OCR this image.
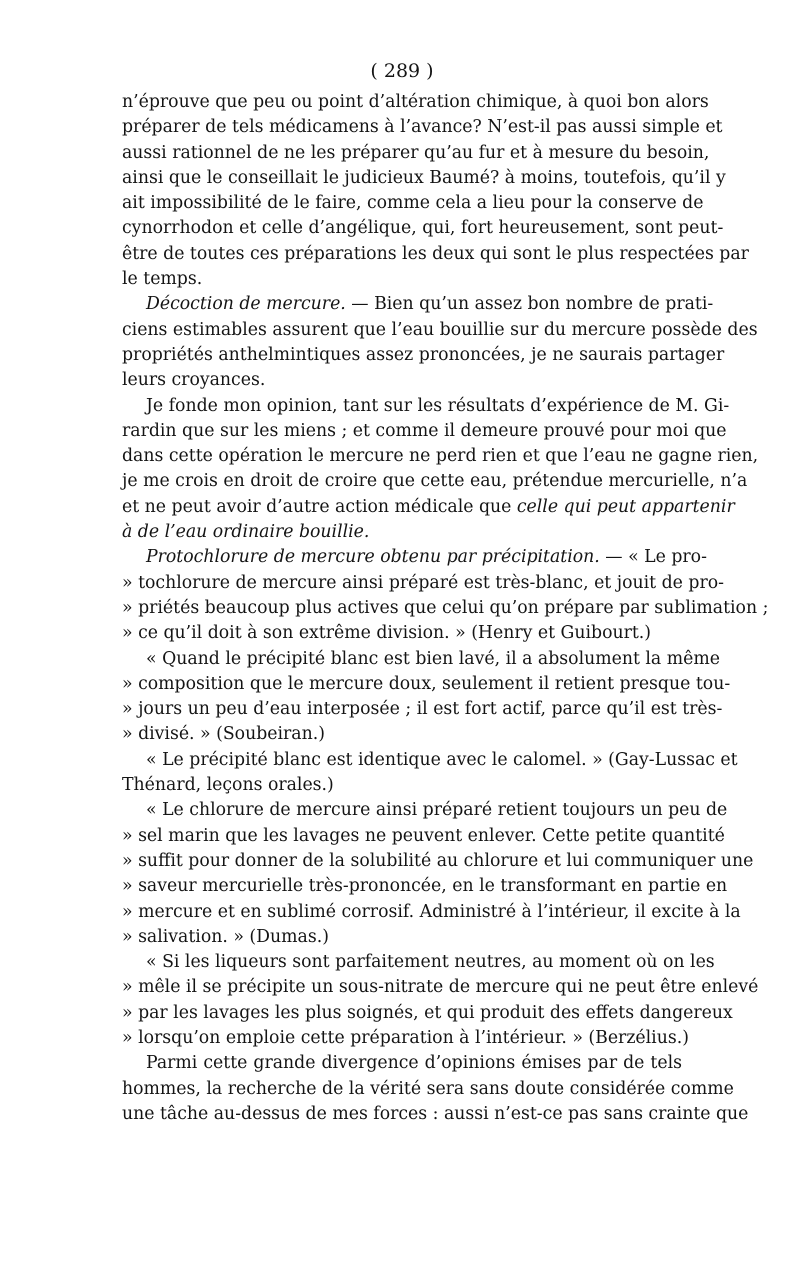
( 289 )

n’éprouve que peu ou point d’altération chimique, à quoi bon alors
préparer de tels médicamens à l’avance? N’est-il pas aussi simple et
aussi rationnel de ne les préparer qu’au fur et à mesure du besoin,
ainsi que le conseillait le judicieux Baumé? à moins, toutefois, qu’il y
ait impossibilité de le faire, comme cela a lieu pour la conserve de
cynorrhodon et celle d’angélique, qui, fort heureusement, sont peut-
être de toutes ces préparations les deux qui sont le plus respectées par
le temps.

Décoction de mercure. — Bien qu’un assez bon nombre de prati-
ciens estimables assurent que l’eau bouillie sur du mercure possède des
propriétés anthelmintiques assez prononcées, je ne saurais partager
leurs croyances.

Je fonde mon opinion, tant sur les résultats d’expérience de M. Gi-
rardin que sur les miens ; et comme il demeure prouvé pour moi que
dans cette opération le mercure ne perd rien et que l’eau ne gagne rien,
je me crois en droit de croire que cette eau, prétendue mercurielle, n’a
et ne peut avoir d’autre action médicale que celle qui peut appartenir
à de l’eau ordinaire bouillie.

Protochlorure de mercure obtenu par précipitation. — « Le pro-
» tochlorure de mercure ainsi préparé est très-blanc, et jouit de pro-
» priétés beaucoup plus actives que celui qu’on prépare par sublimation ;
» ce qu’il doit à son extrême division. » (Henry et Guibourt.)

« Quand le précipité blanc est bien lavé, il a absolument la même
» composition que le mercure doux, seulement il retient presque tou-
» jours un peu d’eau interposée ; il est fort actif, parce qu’il est très-
» divisé. » (Soubeiran.)

« Le précipité blanc est identique avec le calomel. » (Gay-Lussac et
Thénard, leçons orales.)

« Le chlorure de mercure ainsi préparé retient toujours un peu de
» sel marin que les lavages ne peuvent enlever. Cette petite quantité
» suffit pour donner de la solubilité au chlorure et lui communiquer une
» saveur mercurielle très-prononcée, en le transformant en partie en
» mercure et en sublimé corrosif. Administré à l’intérieur, il excite à la
» salivation. » (Dumas.)

« Si les liqueurs sont parfaitement neutres, au moment où on les
» mêle il se précipite un sous-nitrate de mercure qui ne peut être enlevé
» par les lavages les plus soignés, et qui produit des effets dangereux
» lorsqu’on emploie cette préparation à l’intérieur. » (Berzélius.)

Parmi cette grande divergence d’opinions émises par de tels
hommes, la recherche de la vérité sera sans doute considérée comme
une tâche au-dessus de mes forces : aussi n’est-ce pas sans crainte que
